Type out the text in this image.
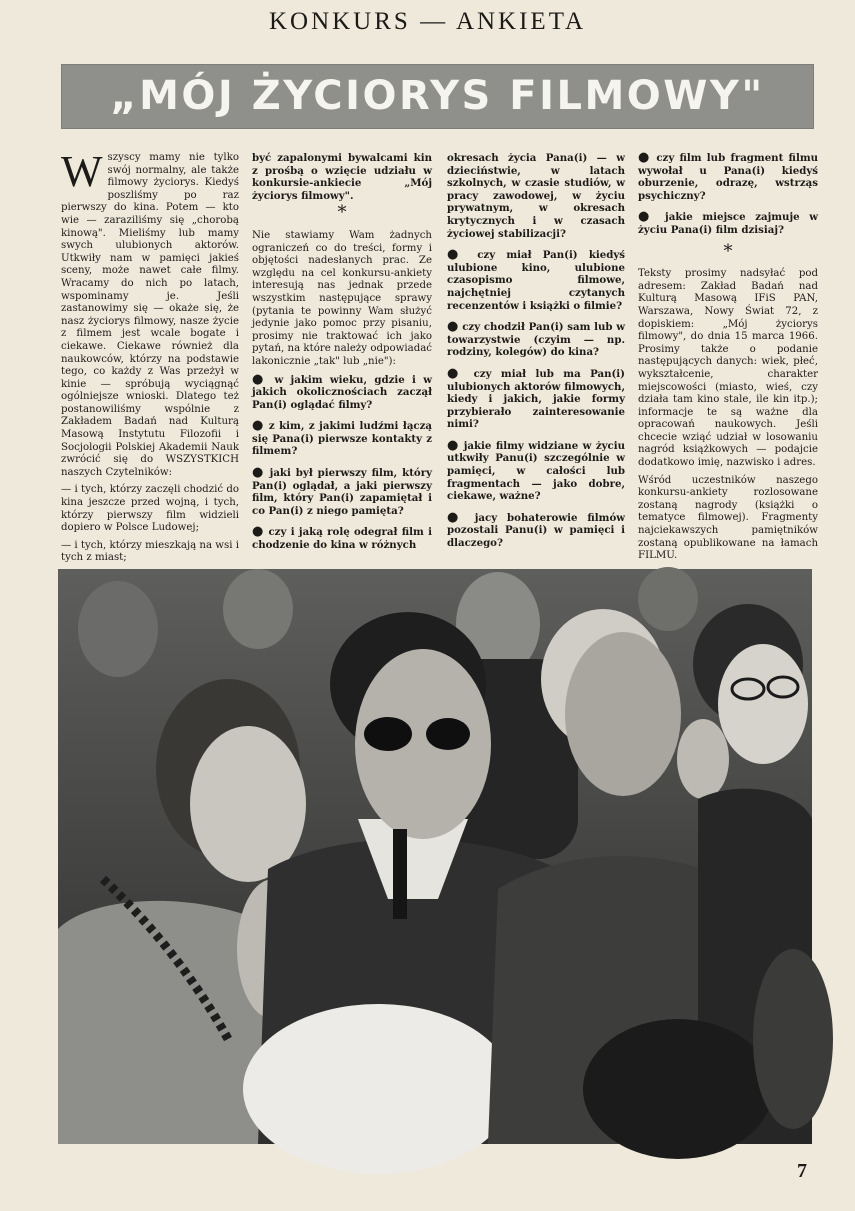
KONKURS — ANKIETA
„MÓJ ŻYCIORYS FILMOWY"

Wszyscy mamy nie tylko swój normalny, ale także filmowy życiorys. Kiedyś poszliśmy po raz pierwszy do kina. Potem — kto wie — zaraziliśmy się „chorobą kinową". Mieliśmy lub mamy swych ulubionych aktorów. Utkwiły nam w pamięci jakieś sceny, może nawet całe filmy. Wracamy do nich po latach, wspominamy je. Jeśli zastanowimy się — okaże się, że nasz życiorys filmowy, nasze życie z filmem jest wcale bogate i ciekawe. Ciekawe również dla naukowców, którzy na podstawie tego, co każdy z Was przeżył w kinie — spróbują wyciągnąć ogólniejsze wnioski. Dlatego też postanowiliśmy wspólnie z Zakładem Badań nad Kulturą Masową Instytutu Filozofii i Socjologii Polskiej Akademii Nauk zwrócić się do WSZYSTKICH naszych Czytelników:

— i tych, którzy zaczęli chodzić do kina jeszcze przed wojną, i tych, którzy pierwszy film widzieli dopiero w Polsce Ludowej;

— i tych, którzy mieszkają na wsi i tych z miast;

być zapalonymi bywalcami kin z prośbą o wzięcie udziału w konkursie-ankiecie „Mój życiorys filmowy".

*

Nie stawiamy Wam żadnych ograniczeń co do treści, formy i objętości nadesłanych prac. Ze względu na cel konkursu-ankiety interesują nas jednak przede wszystkim następujące sprawy (pytania te powinny Wam służyć jedynie jako pomoc przy pisaniu, prosimy nie traktować ich jako pytań, na które należy odpowiadać lakonicznie „tak" lub „nie"):

● w jakim wieku, gdzie i w jakich okolicznościach zaczął Pan(i) oglądać filmy?

● z kim, z jakimi ludźmi łączą się Pana(i) pierwsze kontakty z filmem?

● jaki był pierwszy film, który Pan(i) oglądał, a jaki pierwszy film, który Pan(i) zapamiętał i co Pan(i) z niego pamięta?

● czy i jaką rolę odegrał film i chodzenie do kina w różnych

okresach życia Pana(i) — w dzieciństwie, w latach szkolnych, w czasie studiów, w pracy zawodowej, w życiu prywatnym, w okresach krytycznych i w czasach życiowej stabilizacji?

● czy miał Pan(i) kiedyś ulubione kino, ulubione czasopismo filmowe, najchętniej czytanych recenzentów i książki o filmie?

● czy chodził Pan(i) sam lub w towarzystwie (czyim — np. rodziny, kolegów) do kina?

● czy miał lub ma Pan(i) ulubionych aktorów filmowych, kiedy i jakich, jakie formy przybierało zainteresowanie nimi?

● jakie filmy widziane w życiu utkwiły Panu(i) szczególnie w pamięci, w całości lub fragmentach — jako dobre, ciekawe, ważne?

● jacy bohaterowie filmów pozostali Panu(i) w pamięci i dlaczego?

● czy film lub fragment filmu wywołał u Pana(i) kiedyś oburzenie, odrazę, wstrząs psychiczny?

● jakie miejsce zajmuje w życiu Pana(i) film dzisiaj?

*

Teksty prosimy nadsyłać pod adresem: Zakład Badań nad Kulturą Masową IFiS PAN, Warszawa, Nowy Świat 72, z dopiskiem: „Mój życiorys filmowy", do dnia 15 marca 1966. Prosimy także o podanie następujących danych: wiek, płeć, wykształcenie, charakter miejscowości (miasto, wieś, czy działa tam kino stale, ile kin itp.); informacje te są ważne dla opracowań naukowych. Jeśli chcecie wziąć udział w losowaniu nagród książkowych — podajcie dodatkowo imię, nazwisko i adres.

Wśród uczestników naszego konkursu-ankiety rozlosowane zostaną nagrody (książki o tematyce filmowej). Fragmenty najciekawszych pamiętników zostaną opublikowane na łamach FILMU.

7
